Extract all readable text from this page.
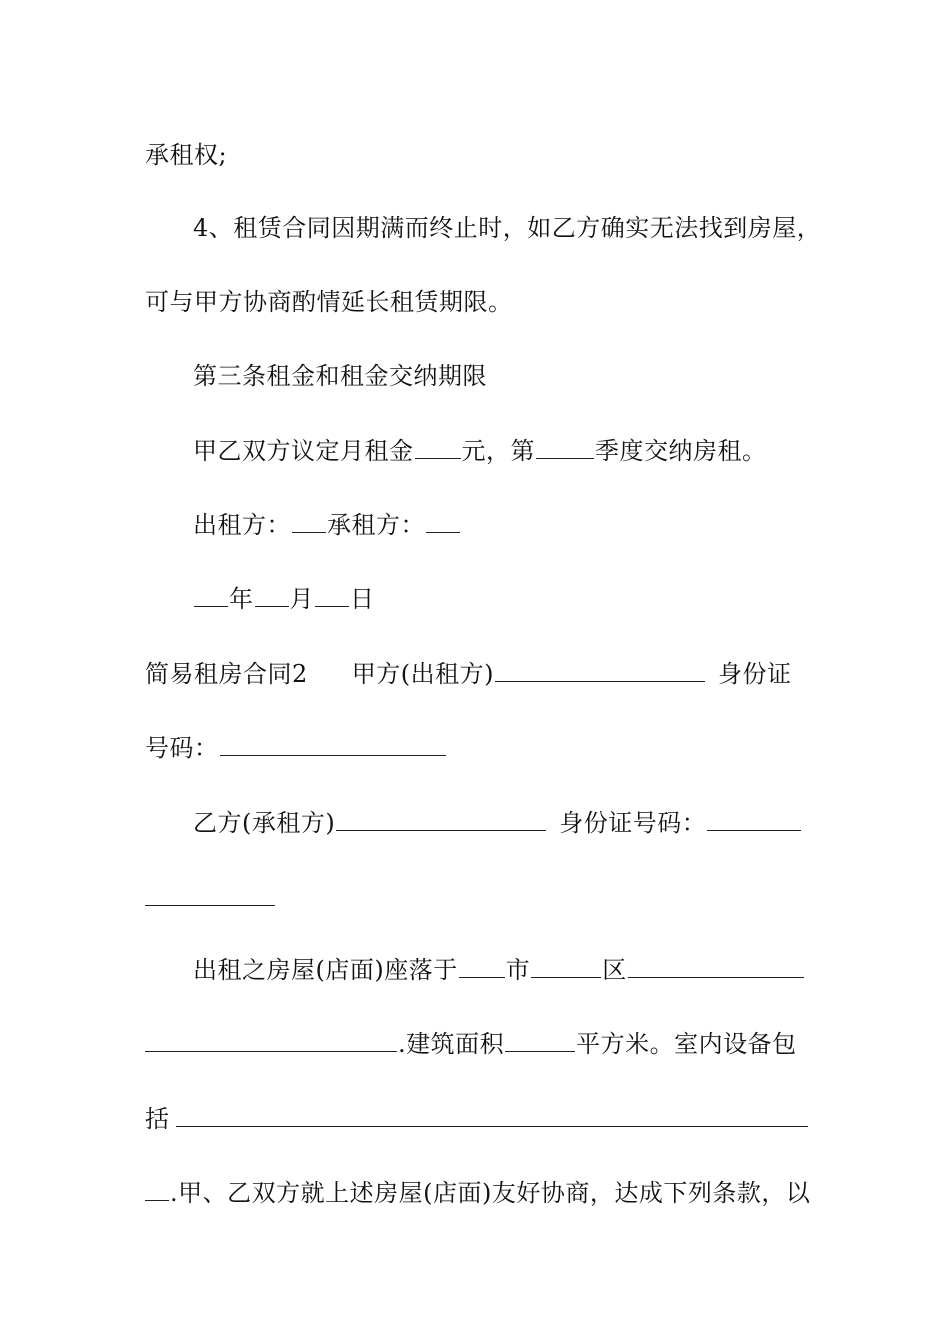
承租权;
4、租赁合同因期满而终止时，如乙方确实无法找到房屋，
可与甲方协商酌情延长租赁期限。
第三条租金和租金交纳期限
甲乙双方议定月租金 元，第	季度交纳房租。
出租方： 承租方：
年 月 日
简易租房合同2 甲方(出租方)	身份证
号码：
乙方(承租方)	身份证号码：
出租之房屋(店面)座落于 市	区
.建筑面积	平方米。室内设备包
括
.甲、乙双方就上述房屋(店面)友好协商，达成下列条款，以
